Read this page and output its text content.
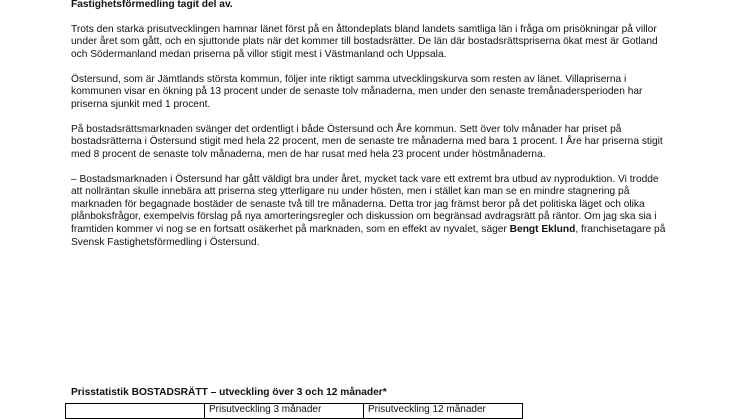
Fastighetsförmedling tagit del av.

Trots den starka prisutvecklingen hamnar länet först på en åttondeplats bland landets samtliga län i fråga om prisökningar på villor under året som gått, och en sjuttonde plats när det kommer till bostadsrätter. De län där bostadsrättspriserna ökat mest är Gotland och Södermanland medan priserna på villor stigit mest i Västmanland och Uppsala.

Östersund, som är Jämtlands största kommun, följer inte riktigt samma utvecklingskurva som resten av länet. Villapriserna i kommunen visar en ökning på 13 procent under de senaste tolv månaderna, men under den senaste tremånadersperioden har priserna sjunkit med 1 procent.

På bostadsrättsmarknaden svänger det ordentligt i både Östersund och Åre kommun. Sett över tolv månader har priset på bostadsrätterna i Östersund stigit med hela 22 procent, men de senaste tre månaderna med bara 1 procent. I Åre har priserna stigit med 8 procent de senaste tolv månaderna, men de har rusat med hela 23 procent under höstmånaderna.

– Bostadsmarknaden i Östersund har gått väldigt bra under året, mycket tack vare ett extremt bra utbud av nyproduktion. Vi trodde att nollräntan skulle innebära att priserna steg ytterligare nu under hösten, men i stället kan man se en mindre stagnering på marknaden för begagnade bostäder de senaste två till tre månaderna. Detta tror jag främst beror på det politiska läget och olika plånboksfrågor, exempelvis förslag på nya amorteringsregler och diskussion om begränsad avdragsrätt på räntor. Om jag ska sia i framtiden kommer vi nog se en fortsatt osäkerhet på marknaden, som en effekt av nyvalet, säger Bengt Eklund, franchisetagare på Svensk Fastighetsförmedling i Östersund.

Prisstatistik BOSTADSRÄTT – utveckling över 3 och 12 månader*
	Prisutveckling 3 månader	Prisutveckling 12 månader
